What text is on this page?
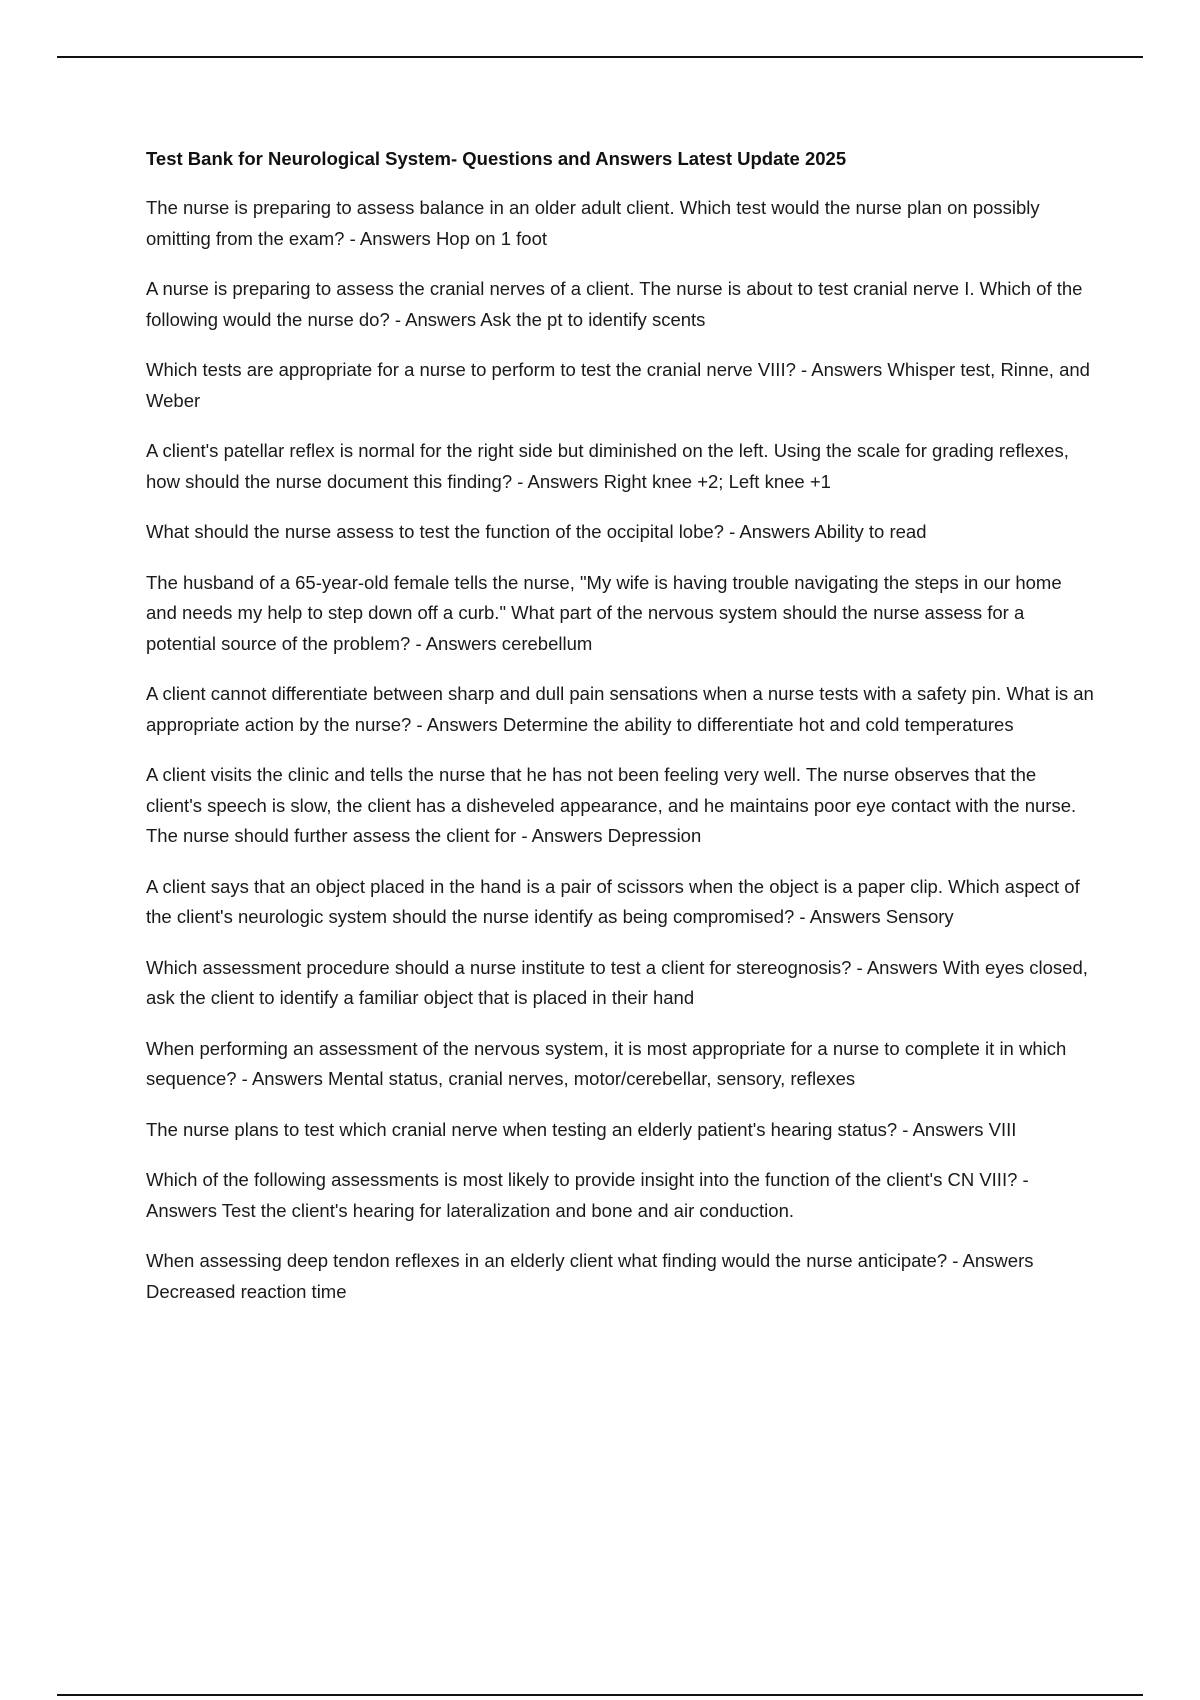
Test Bank for Neurological System- Questions and Answers Latest Update 2025

The nurse is preparing to assess balance in an older adult client. Which test would the nurse plan on possibly omitting from the exam? - Answers Hop on 1 foot

A nurse is preparing to assess the cranial nerves of a client. The nurse is about to test cranial nerve I. Which of the following would the nurse do? - Answers Ask the pt to identify scents

Which tests are appropriate for a nurse to perform to test the cranial nerve VIII? - Answers Whisper test, Rinne, and Weber

A client's patellar reflex is normal for the right side but diminished on the left. Using the scale for grading reflexes, how should the nurse document this finding? - Answers Right knee +2; Left knee +1

What should the nurse assess to test the function of the occipital lobe? - Answers Ability to read

The husband of a 65-year-old female tells the nurse, "My wife is having trouble navigating the steps in our home and needs my help to step down off a curb." What part of the nervous system should the nurse assess for a potential source of the problem? - Answers cerebellum

A client cannot differentiate between sharp and dull pain sensations when a nurse tests with a safety pin. What is an appropriate action by the nurse? - Answers Determine the ability to differentiate hot and cold temperatures

A client visits the clinic and tells the nurse that he has not been feeling very well. The nurse observes that the client's speech is slow, the client has a disheveled appearance, and he maintains poor eye contact with the nurse. The nurse should further assess the client for - Answers Depression

A client says that an object placed in the hand is a pair of scissors when the object is a paper clip. Which aspect of the client's neurologic system should the nurse identify as being compromised? - Answers Sensory

Which assessment procedure should a nurse institute to test a client for stereognosis? - Answers With eyes closed, ask the client to identify a familiar object that is placed in their hand

When performing an assessment of the nervous system, it is most appropriate for a nurse to complete it in which sequence? - Answers Mental status, cranial nerves, motor/cerebellar, sensory, reflexes

The nurse plans to test which cranial nerve when testing an elderly patient's hearing status? - Answers VIII

Which of the following assessments is most likely to provide insight into the function of the client's CN VIII? - Answers Test the client's hearing for lateralization and bone and air conduction.

When assessing deep tendon reflexes in an elderly client what finding would the nurse anticipate? - Answers Decreased reaction time
